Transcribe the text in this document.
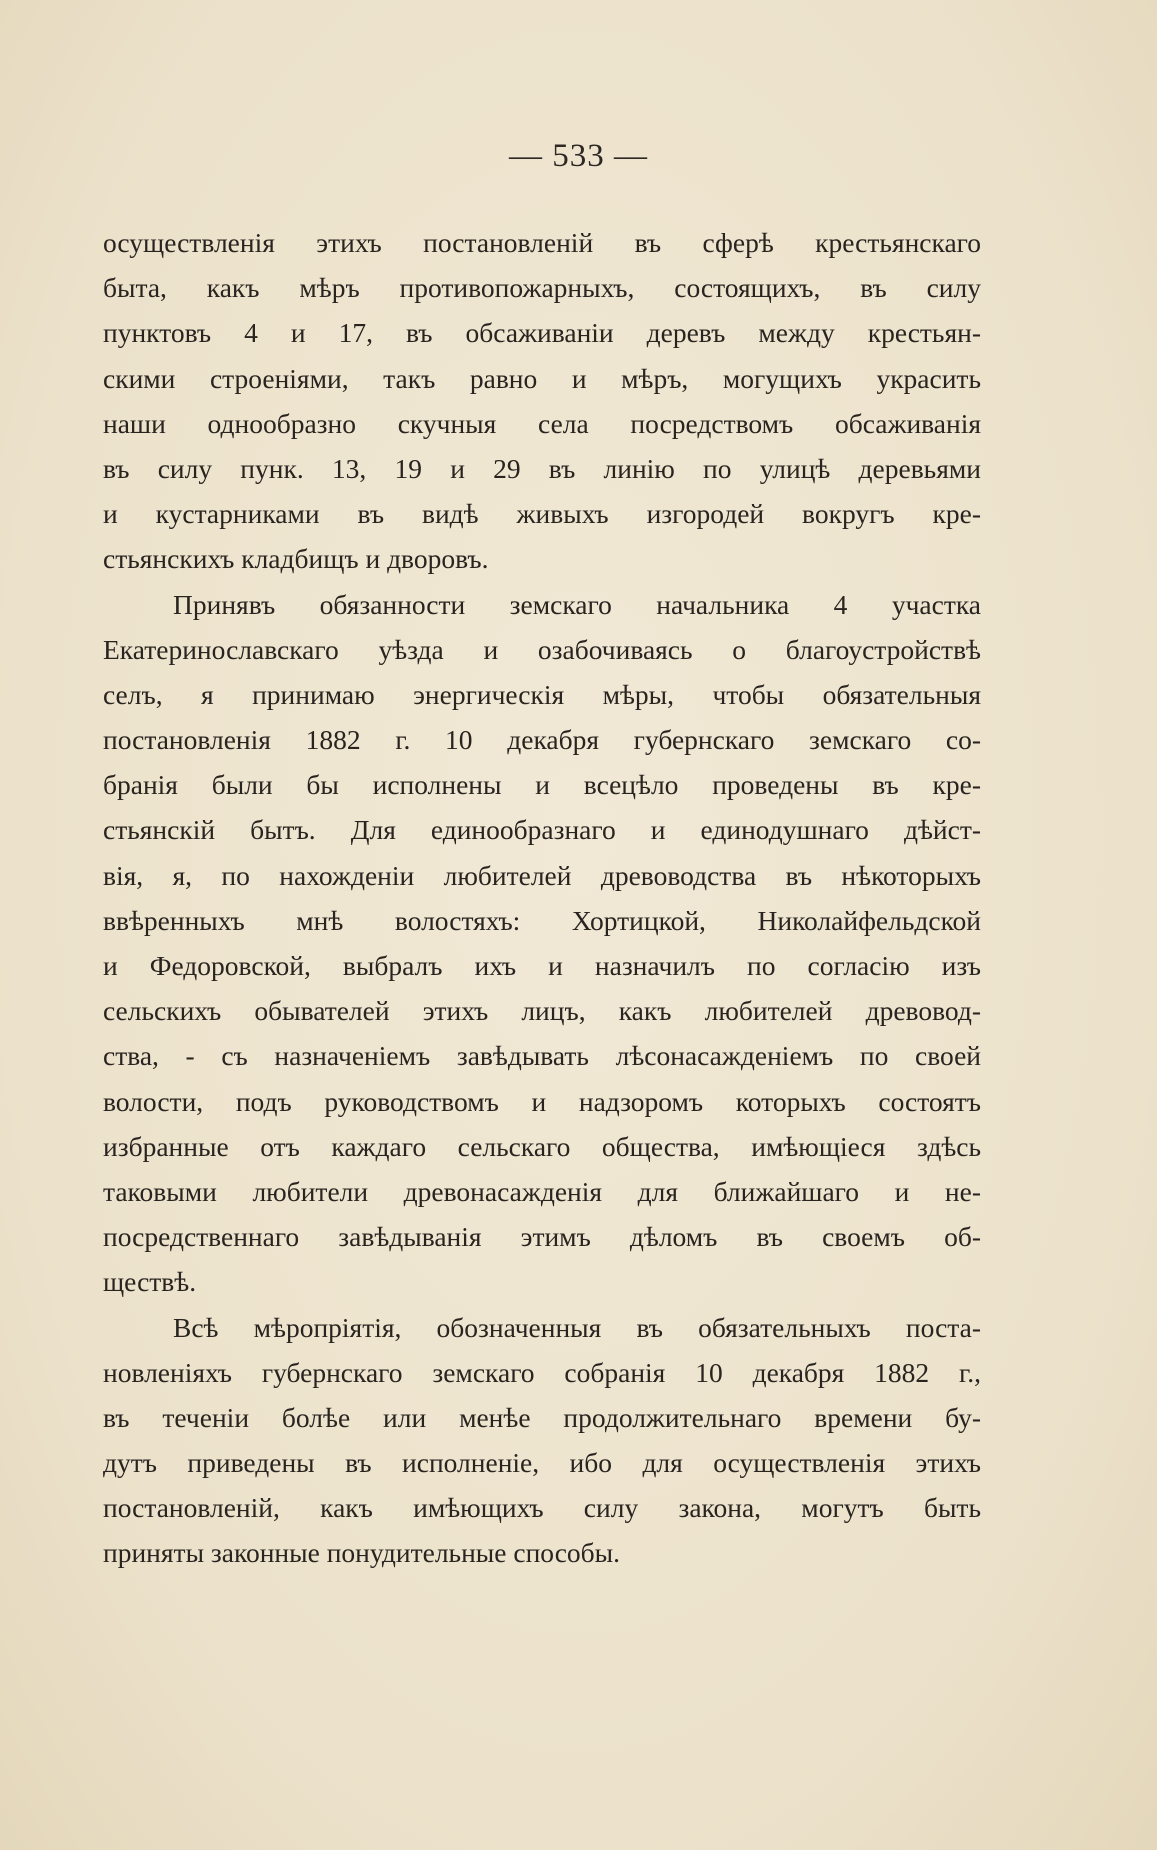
— 533 —
осуществленія этихъ постановленій въ сферѣ крестьянскаго
быта, какъ мѣръ противопожарныхъ, состоящихъ, въ силу
пунктовъ 4 и 17, въ обсаживанiи деревъ между крестьян-
скими строеніями, такъ равно и мѣръ, могущихъ украсить
наши однообразно скучныя села посредствомъ обсаживанія
въ силу пунк. 13, 19 и 29 въ линію по улицѣ деревьями
и кустарниками въ видѣ живыхъ изгородей вокругъ кре-
стьянскихъ кладбищъ и дворовъ.
Принявъ обязанности земскаго начальника 4 участка
Екатеринославскаго уѣзда и озабочиваясь о благоустройствѣ
селъ, я принимаю энергическія мѣры, чтобы обязательныя
постановленія 1882 г. 10 декабря губернскаго земскаго со-
бранія были бы исполнены и всецѣло проведены въ кре-
стьянскій бытъ. Для единообразнаго и единодушнаго дѣйст-
вія, я, по нахожденіи любителей древоводства въ нѣкоторыхъ
ввѣренныхъ мнѣ волостяхъ: Хортицкой, Николайфельдской
и Федоровской, выбралъ ихъ и назначилъ по согласію изъ
сельскихъ обывателей этихъ лицъ, какъ любителей древовод-
ства, - съ назначеніемъ завѣдывать лѣсонасажденіемъ по своей
волости, подъ руководствомъ и надзоромъ которыхъ состоятъ
избранные отъ каждаго сельскаго общества, имѣющіеся здѣсь
таковыми любители древонасажденія для ближайшаго и не-
посредственнаго завѣдыванія этимъ дѣломъ въ своемъ об-
ществѣ.
Всѣ мѣропріятія, обозначенныя въ обязательныхъ поста-
новленіяхъ губернскаго земскаго собранія 10 декабря 1882 г.,
въ теченіи болѣе или менѣе продолжительнаго времени бу-
дутъ приведены въ исполненіе, ибо для осуществленія этихъ
постановленій, какъ имѣющихъ силу закона, могутъ быть
приняты законные понудительные способы.
